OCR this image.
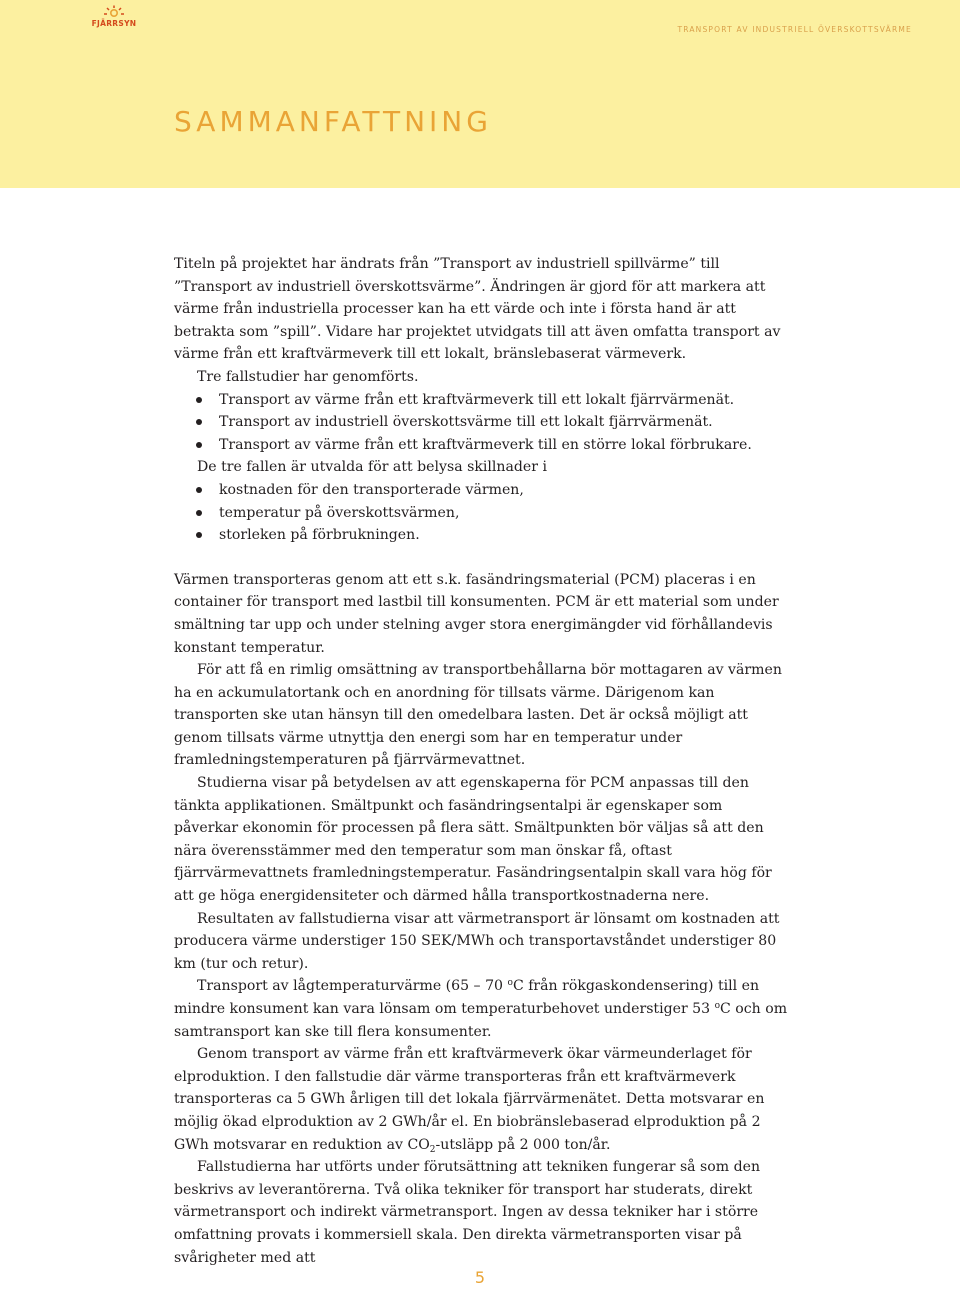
FJÄRRSYN
TRANSPORT AV INDUSTRIELL ÖVERSKOTTSVÄRME
SAMMANFATTNING

Titeln på projektet har ändrats från ”Transport av industriell spillvärme” till ”Transport av industriell överskottsvärme”. Ändringen är gjord för att markera att värme från industriella processer kan ha ett värde och inte i första hand är att betrakta som ”spill”. Vidare har projektet utvidgats till att även omfatta transport av värme från ett kraftvärmeverk till ett lokalt, bränslebaserat värmeverk.

Tre fallstudier har genomförts.

Transport av värme från ett kraftvärmeverk till ett lokalt fjärrvärmenät.
Transport av industriell överskottsvärme till ett lokalt fjärrvärmenät.
Transport av värme från ett kraftvärmeverk till en större lokal förbrukare.

De tre fallen är utvalda för att belysa skillnader i

kostnaden för den transporterade värmen,
temperatur på överskottsvärmen,
storleken på förbrukningen.

Värmen transporteras genom att ett s.k. fasändringsmaterial (PCM) placeras i en container för transport med lastbil till konsumenten. PCM är ett material som under smältning tar upp och under stelning avger stora energimängder vid förhållandevis konstant temperatur.

För att få en rimlig omsättning av transportbehållarna bör mottagaren av värmen ha en ackumulatortank och en anordning för tillsats värme. Därigenom kan transporten ske utan hänsyn till den omedelbara lasten. Det är också möjligt att genom tillsats värme utnyttja den energi som har en temperatur under framledningstemperaturen på fjärrvärmevattnet.

Studierna visar på betydelsen av att egenskaperna för PCM anpassas till den tänkta applikationen. Smältpunkt och fasändringsentalpi är egenskaper som påverkar ekonomin för processen på flera sätt. Smältpunkten bör väljas så att den nära överensstämmer med den temperatur som man önskar få, oftast fjärrvärmevattnets framledningstemperatur. Fasändringsentalpin skall vara hög för att ge höga energidensiteter och därmed hålla transportkostnaderna nere.

Resultaten av fallstudierna visar att värmetransport är lönsamt om kostnaden att producera värme understiger 150 SEK/MWh och transportavståndet understiger 80 km (tur och retur).

Transport av lågtemperaturvärme (65 – 70 $^o$C från rökgaskondensering) till en mindre konsument kan vara lönsam om temperaturbehovet understiger 53 $^o$C och om samtransport kan ske till flera konsumenter.

Genom transport av värme från ett kraftvärmeverk ökar värmeunderlaget för elproduktion. I den fallstudie där värme transporteras från ett kraftvärmeverk transporteras ca 5 GWh årligen till det lokala fjärrvärmenätet. Detta motsvarar en möjlig ökad elproduktion av 2 GWh/år el. En biobränslebaserad elproduktion på 2 GWh motsvarar en reduktion av $CO_2$-utsläpp på 2 000 ton/år.

Fallstudierna har utförts under förutsättning att tekniken fungerar så som den beskrivs av leverantörerna. Två olika tekniker för transport har studerats, direkt värmetransport och indirekt värmetransport. Ingen av dessa tekniker har i större omfattning provats i kommersiell skala. Den direkta värmetransporten visar på svårigheter med att

5
